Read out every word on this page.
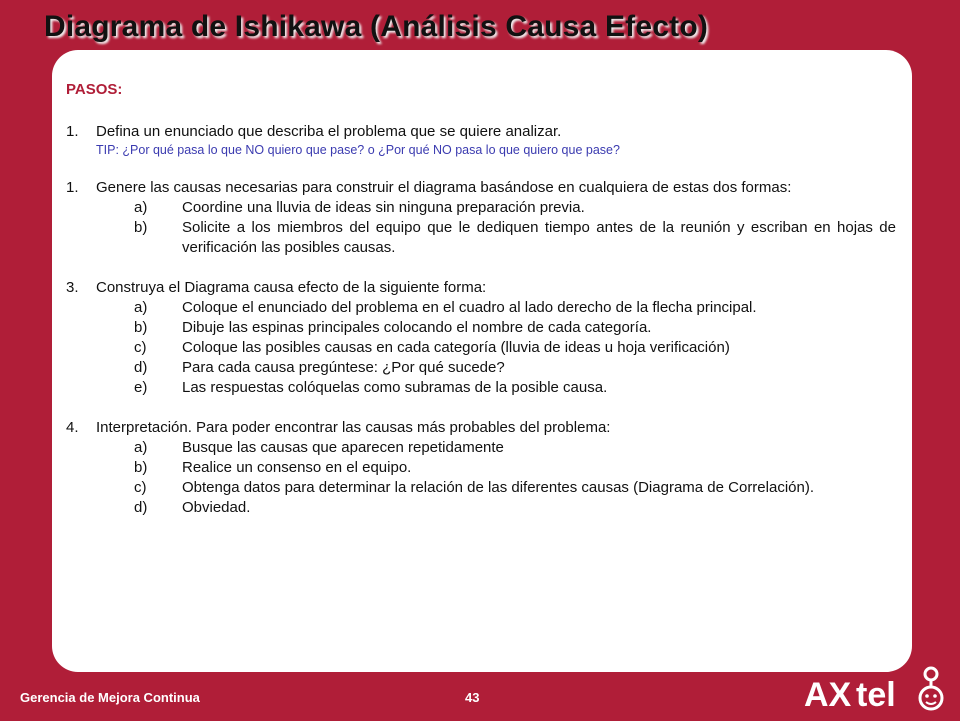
Diagrama de Ishikawa (Análisis Causa Efecto)
PASOS:
1.	Defina un enunciado que describa el problema que se quiere analizar.
TIP: ¿Por qué pasa lo que NO quiero que pase? o ¿Por qué NO pasa lo que quiero que pase?
1.	Genere las causas necesarias para construir el diagrama basándose en cualquiera de estas dos formas:
a)	Coordine una lluvia de ideas sin ninguna preparación previa.
b)	Solicite a los miembros del equipo que le dediquen tiempo antes de la reunión y escriban en hojas de verificación las posibles causas.
3.	Construya el Diagrama causa efecto de la siguiente forma:
a)	Coloque el enunciado del problema en el cuadro al lado derecho de la flecha principal.
b)	Dibuje las espinas principales colocando el nombre de cada categoría.
c)	Coloque las posibles causas en cada categoría (lluvia de ideas u hoja verificación)
d)	Para cada causa pregúntese: ¿Por qué sucede?
e)	Las respuestas colóquelas como subramas de la posible causa.
4.	Interpretación. Para poder encontrar las causas más probables del problema:
a)	Busque las causas que aparecen repetidamente
b)	Realice un consenso en el equipo.
c)	Obtenga datos para determinar la relación de las diferentes causas (Diagrama de Correlación).
d)	Obviedad.
Gerencia de Mejora Continua	43	AX tel
